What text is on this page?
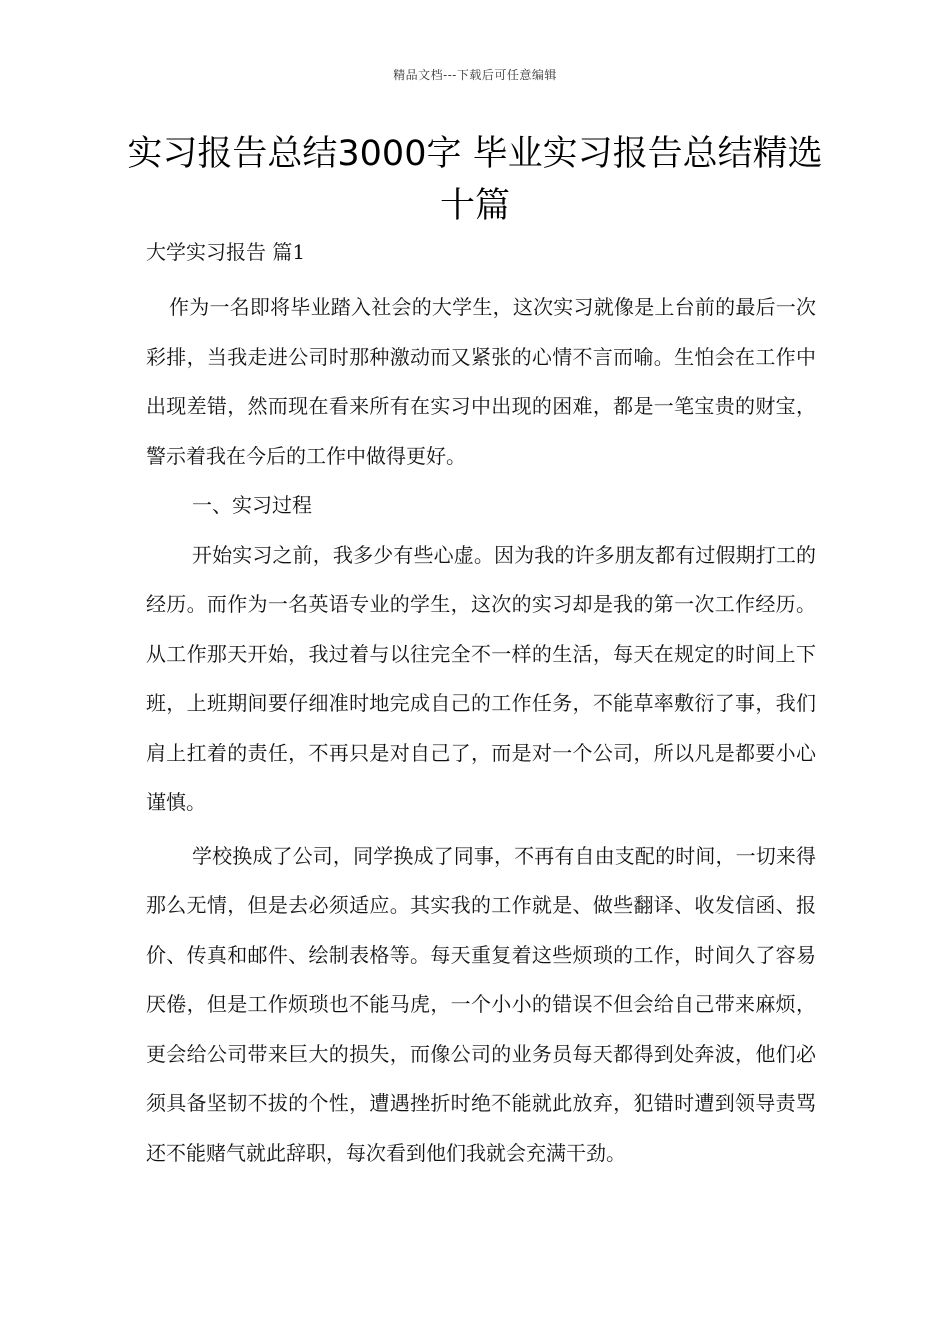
精品文档---下载后可任意编辑
实习报告总结3000字 毕业实习报告总结精选十篇
大学实习报告 篇1

作为一名即将毕业踏入社会的大学生，这次实习就像是上台前的最后一次彩排，当我走进公司时那种激动而又紧张的心情不言而喻。生怕会在工作中出现差错，然而现在看来所有在实习中出现的困难，都是一笔宝贵的财宝，警示着我在今后的工作中做得更好。

一、实习过程

开始实习之前，我多少有些心虚。因为我的许多朋友都有过假期打工的经历。而作为一名英语专业的学生，这次的实习却是我的第一次工作经历。从工作那天开始，我过着与以往完全不一样的生活，每天在规定的时间上下班，上班期间要仔细准时地完成自己的工作任务，不能草率敷衍了事，我们肩上扛着的责任，不再只是对自己了，而是对一个公司，所以凡是都要小心谨慎。

学校换成了公司，同学换成了同事，不再有自由支配的时间，一切来得那么无情，但是去必须适应。其实我的工作就是、做些翻译、收发信函、报价、传真和邮件、绘制表格等。每天重复着这些烦琐的工作，时间久了容易厌倦，但是工作烦琐也不能马虎，一个小小的错误不但会给自己带来麻烦，更会给公司带来巨大的损失，而像公司的业务员每天都得到处奔波，他们必须具备坚韧不拔的个性，遭遇挫折时绝不能就此放弃，犯错时遭到领导责骂还不能赌气就此辞职，每次看到他们我就会充满干劲。
